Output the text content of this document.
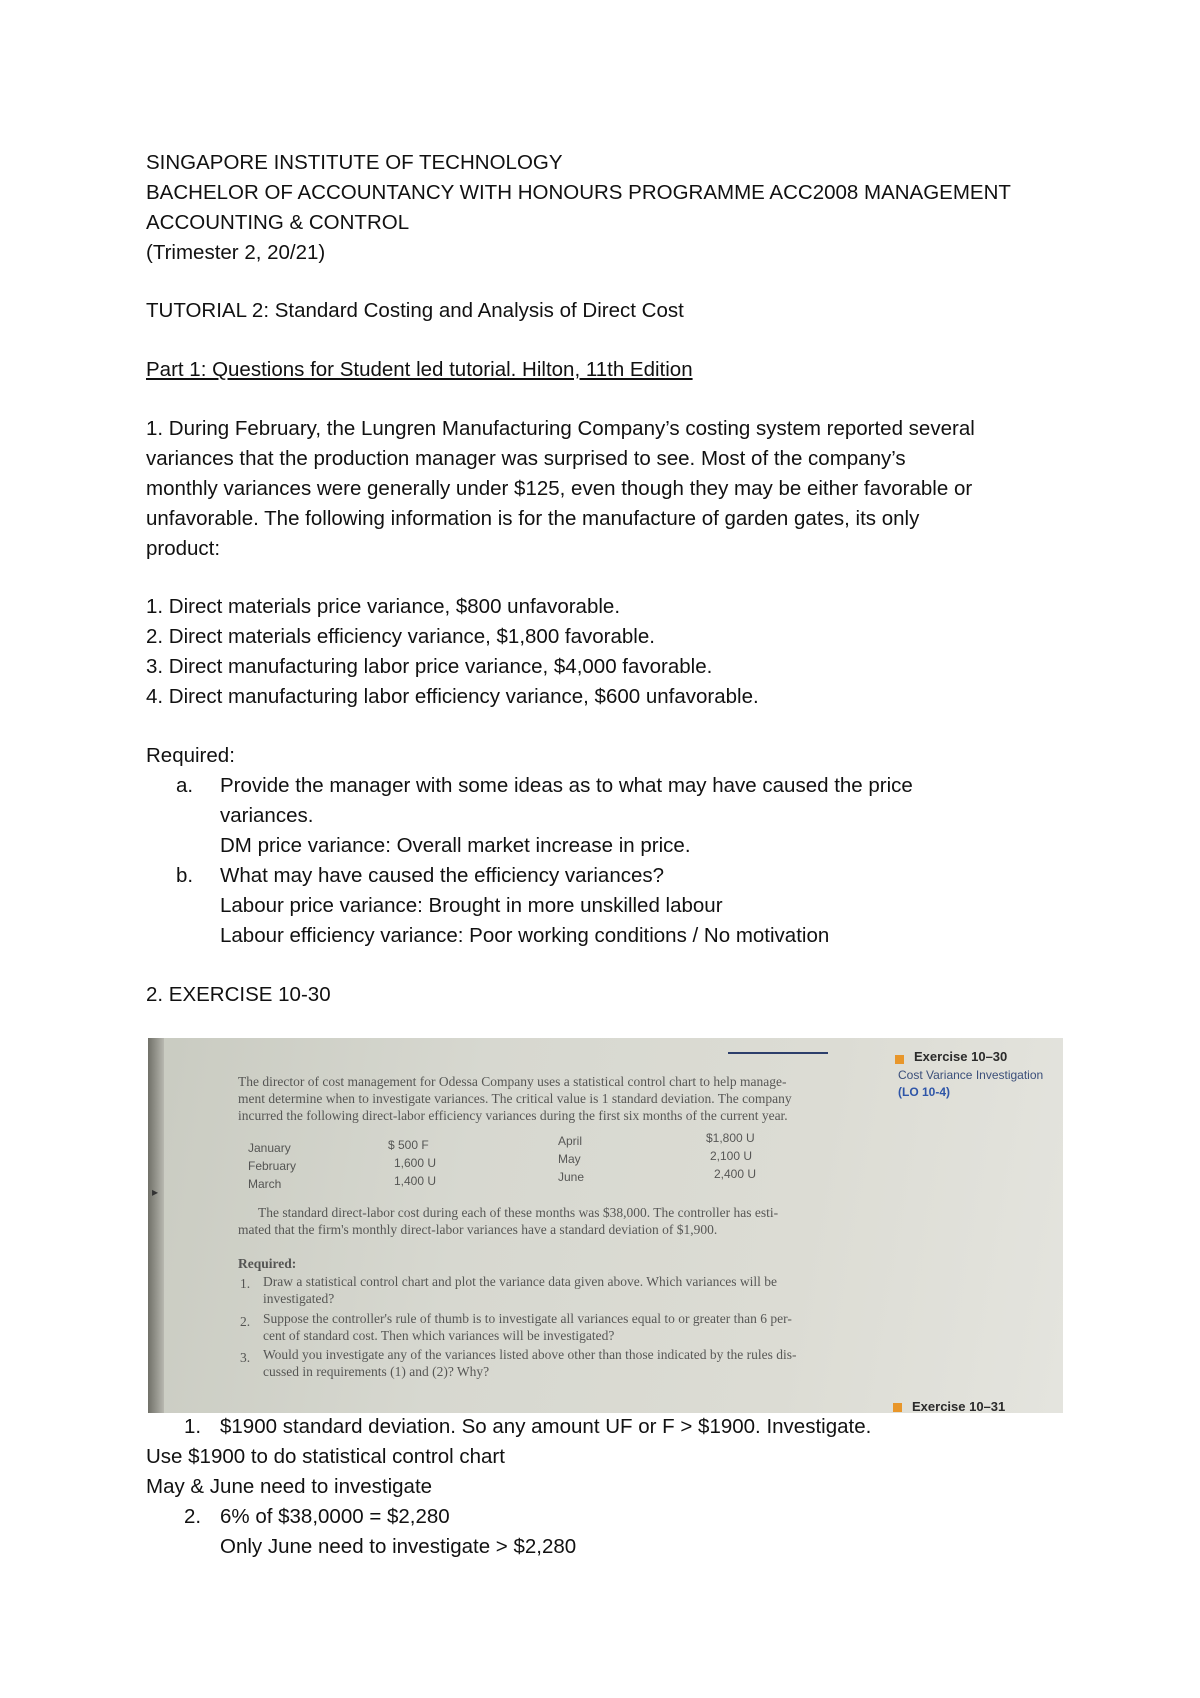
SINGAPORE INSTITUTE OF TECHNOLOGY
BACHELOR OF ACCOUNTANCY WITH HONOURS PROGRAMME ACC2008 MANAGEMENT
ACCOUNTING & CONTROL
(Trimester 2, 20/21)
TUTORIAL 2: Standard Costing and Analysis of Direct Cost
Part 1: Questions for Student led tutorial. Hilton, 11th Edition
1. During February, the Lungren Manufacturing Company’s costing system reported several
variances that the production manager was surprised to see. Most of the company’s
monthly variances were generally under $125, even though they may be either favorable or
unfavorable. The following information is for the manufacture of garden gates, its only
product:
1. Direct materials price variance, $800 unfavorable.
2. Direct materials efficiency variance, $1,800 favorable.
3. Direct manufacturing labor price variance, $4,000 favorable.
4. Direct manufacturing labor efficiency variance, $600 unfavorable.
Required:
a. Provide the manager with some ideas as to what may have caused the price
variances.
DM price variance: Overall market increase in price.
b. What may have caused the efficiency variances?
Labour price variance: Brought in more unskilled labour
Labour efficiency variance: Poor working conditions / No motivation
2. EXERCISE 10-30
▸
Exercise 10–30
Cost Variance Investigation
(LO 10-4)
The director of cost management for Odessa Company uses a statistical control chart to help manage-
ment determine when to investigate variances. The critical value is 1 standard deviation. The company
incurred the following direct-labor efficiency variances during the first six months of the current year.
January	$ 500 F
February	1,600 U
March	1,400 U
April	$1,800 U
May	2,100 U
June	2,400 U
The standard direct-labor cost during each of these months was $38,000. The controller has esti-
mated that the firm's monthly direct-labor variances have a standard deviation of $1,900.
Required:
1. Draw a statistical control chart and plot the variance data given above. Which variances will be
investigated?
2. Suppose the controller's rule of thumb is to investigate all variances equal to or greater than 6 per-
cent of standard cost. Then which variances will be investigated?
3. Would you investigate any of the variances listed above other than those indicated by the rules dis-
cussed in requirements (1) and (2)? Why?
Exercise 10–31
1. $1900 standard deviation. So any amount UF or F > $1900. Investigate.
Use $1900 to do statistical control chart
May & June need to investigate
2. 6% of $38,0000 = $2,280
Only June need to investigate > $2,280
